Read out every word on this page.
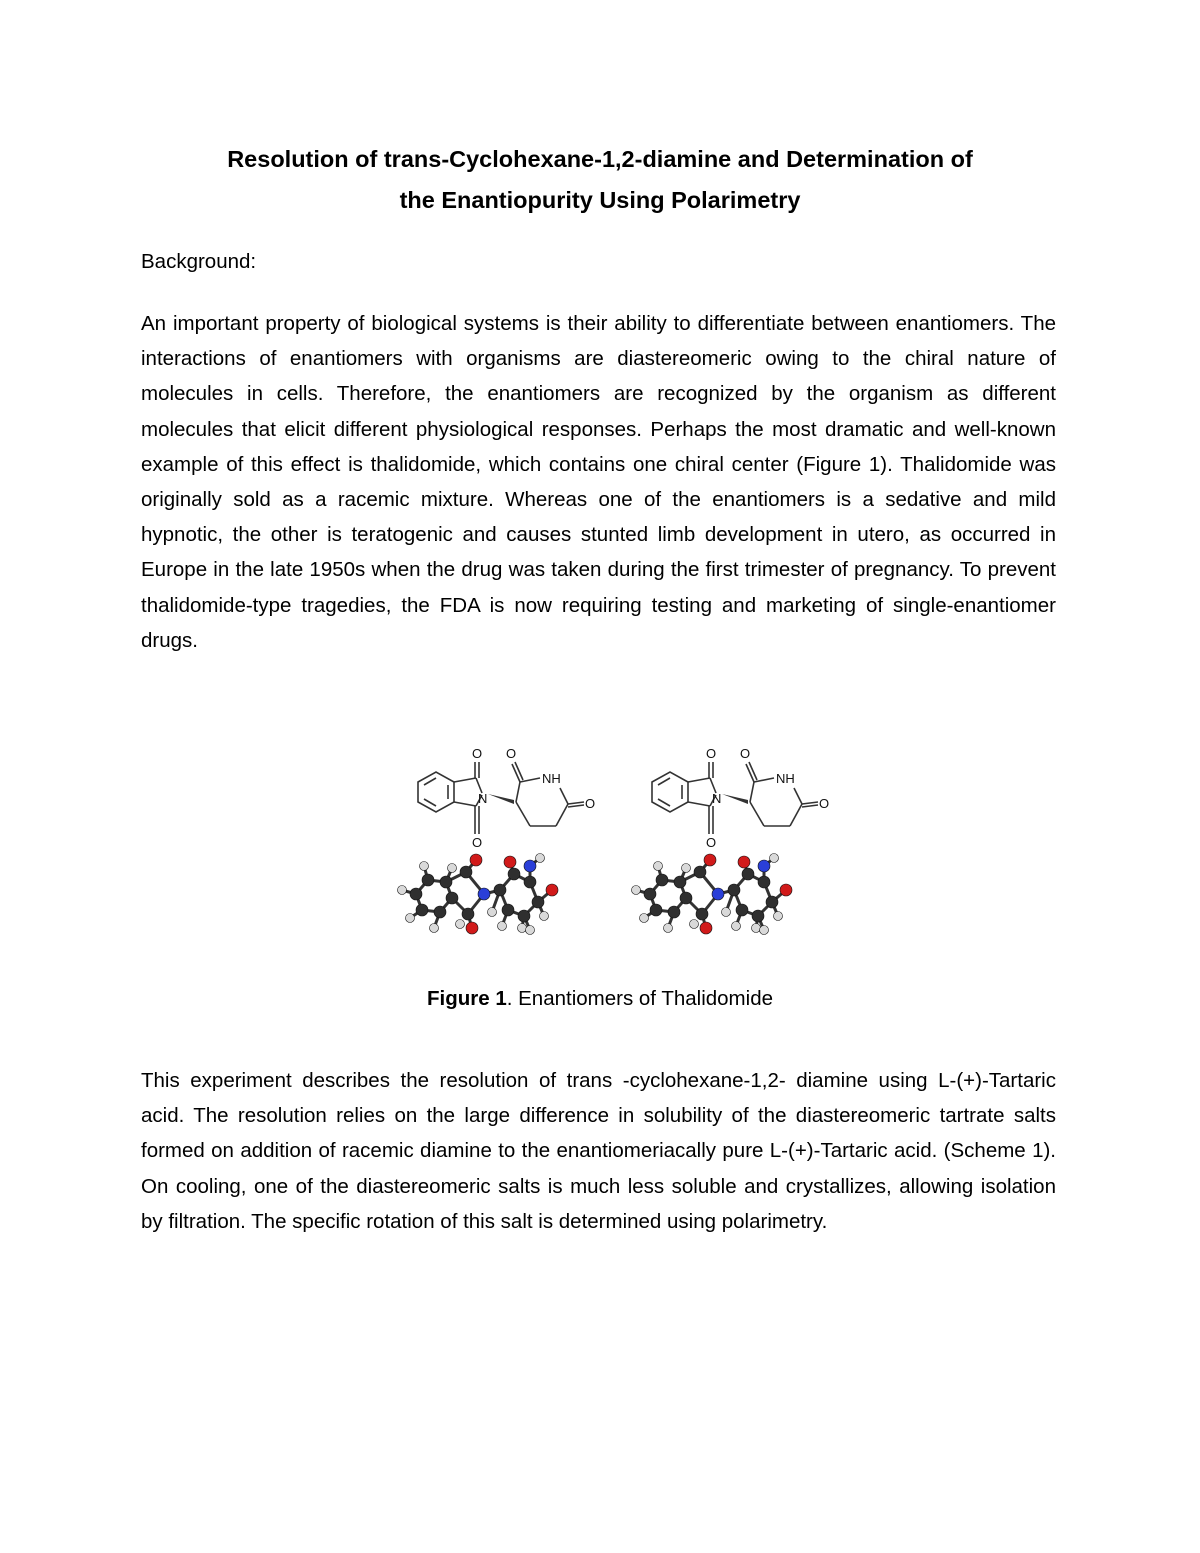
Resolution of trans-Cyclohexane-1,2-diamine and Determination of
the Enantiopurity Using Polarimetry
Background:

An important property of biological systems is their ability to differentiate between enantiomers. The interactions of enantiomers with organisms are diastereomeric owing to the chiral nature of molecules in cells. Therefore, the enantiomers are recognized by the organism as different molecules that elicit different physiological responses. Perhaps the most dramatic and well-known example of this effect is thalidomide, which contains one chiral center (Figure 1). Thalidomide was originally sold as a racemic mixture. Whereas one of the enantiomers is a sedative and mild hypnotic, the other is teratogenic and causes stunted limb development in utero, as occurred in Europe in the late 1950s when the drug was taken during the first trimester of pregnancy. To prevent thalidomide-type tragedies, the FDA is now requiring testing and marketing of single-enantiomer drugs.

O
N
O
O
NH
O
O
N
O
O
NH
O
Figure 1. Enantiomers of Thalidomide

This experiment describes the resolution of trans -cyclohexane-1,2- diamine using L-(+)-Tartaric acid. The resolution relies on the large difference in solubility of the diastereomeric tartrate salts formed on addition of racemic diamine to the enantiomeriacally pure L-(+)-Tartaric acid. (Scheme 1). On cooling, one of the diastereomeric salts is much less soluble and crystallizes, allowing isolation by filtration. The specific rotation of this salt is determined using polarimetry.
